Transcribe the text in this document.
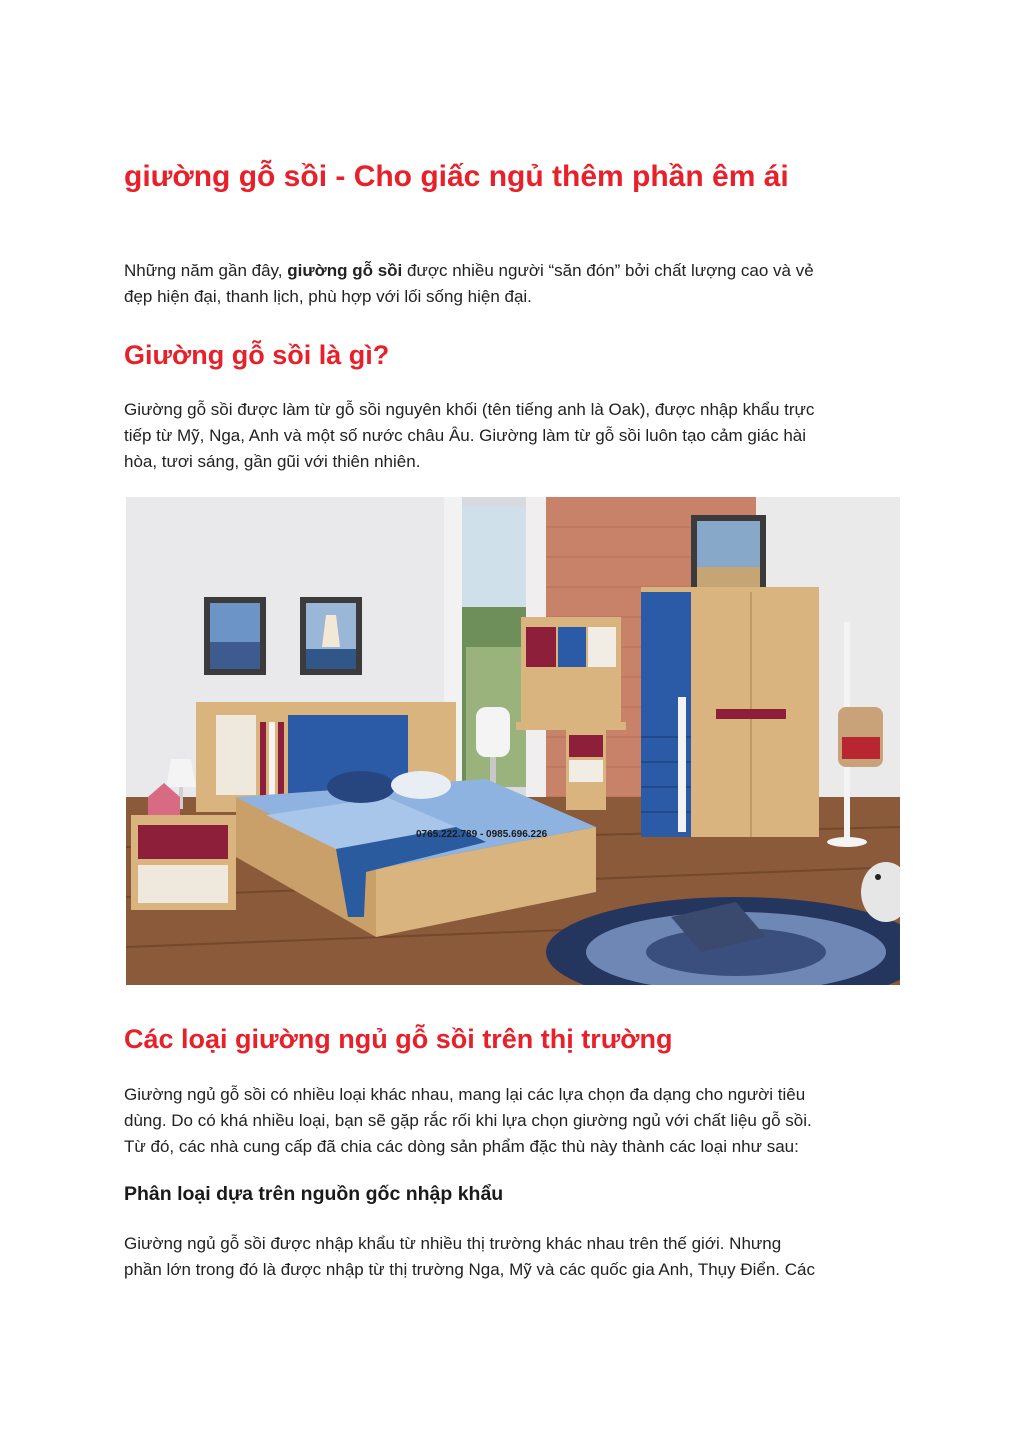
giường gỗ sồi - Cho giấc ngủ thêm phần êm ái

Những năm gần đây, giường gỗ sồi được nhiều người “săn đón” bởi chất lượng cao và vẻ
đẹp hiện đại, thanh lịch, phù hợp với lối sống hiện đại.

Giường gỗ sồi là gì?

Giường gỗ sồi được làm từ gỗ sồi nguyên khối (tên tiếng anh là Oak), được nhập khẩu trực
tiếp từ Mỹ, Nga, Anh và một số nước châu Âu. Giường làm từ gỗ sồi luôn tạo cảm giác hài
hòa, tươi sáng, gần gũi với thiên nhiên.

0765.222.789 - 0985.696.226
Các loại giường ngủ gỗ sồi trên thị trường

Giường ngủ gỗ sồi có nhiều loại khác nhau, mang lại các lựa chọn đa dạng cho người tiêu
dùng. Do có khá nhiều loại, bạn sẽ gặp rắc rối khi lựa chọn giường ngủ với chất liệu gỗ sồi.
Từ đó, các nhà cung cấp đã chia các dòng sản phẩm đặc thù này thành các loại như sau:

Phân loại dựa trên nguồn gốc nhập khẩu

Giường ngủ gỗ sồi được nhập khẩu từ nhiều thị trường khác nhau trên thế giới. Nhưng
phần lớn trong đó là được nhập từ thị trường Nga, Mỹ và các quốc gia Anh, Thụy Điển. Các
